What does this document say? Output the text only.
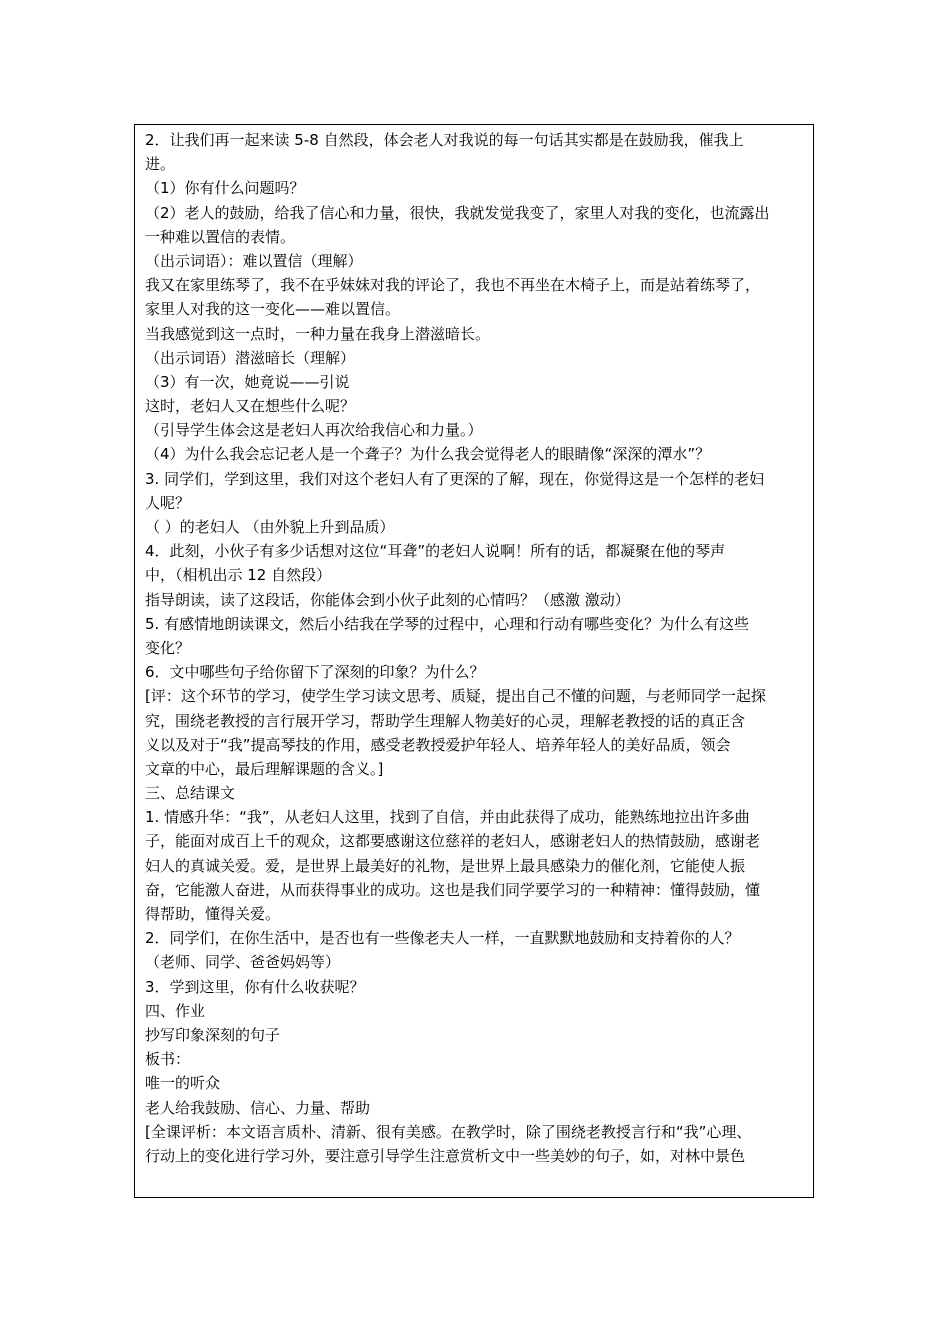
2．让我们再一起来读 5-8 自然段，体会老人对我说的每一句话其实都是在鼓励我，催我上
进。
（1）你有什么问题吗？
（2）老人的鼓励，给我了信心和力量，很快，我就发觉我变了，家里人对我的变化，也流露出
一种难以置信的表情。
（出示词语）：难以置信（理解）
我又在家里练琴了，我不在乎妹妹对我的评论了，我也不再坐在木椅子上，而是站着练琴了，
家里人对我的这一变化——难以置信。
当我感觉到这一点时，一种力量在我身上潜滋暗长。
（出示词语）潜滋暗长（理解）
（3）有一次，她竟说——引说
这时，老妇人又在想些什么呢？
（引导学生体会这是老妇人再次给我信心和力量。）
（4）为什么我会忘记老人是一个聋子？为什么我会觉得老人的眼睛像“深深的潭水”？
3. 同学们，学到这里，我们对这个老妇人有了更深的了解，现在，你觉得这是一个怎样的老妇
人呢？
（ ）的老妇人 （由外貌上升到品质）
4．此刻，小伙子有多少话想对这位“耳聋”的老妇人说啊！所有的话，都凝聚在他的琴声
中，（相机出示 12 自然段）
指导朗读，读了这段话，你能体会到小伙子此刻的心情吗？（感激 激动）
5. 有感情地朗读课文，然后小结我在学琴的过程中，心理和行动有哪些变化？为什么有这些
变化？
6．文中哪些句子给你留下了深刻的印象？为什么？
[评：这个环节的学习，使学生学习读文思考、质疑，提出自己不懂的问题，与老师同学一起探
究，围绕老教授的言行展开学习，帮助学生理解人物美好的心灵，理解老教授的话的真正含
义以及对于“我”提高琴技的作用，感受老教授爱护年轻人、培养年轻人的美好品质，领会
文章的中心，最后理解课题的含义。]
三、总结课文
1. 情感升华：“我”，从老妇人这里，找到了自信，并由此获得了成功，能熟练地拉出许多曲
子，能面对成百上千的观众，这都要感谢这位慈祥的老妇人，感谢老妇人的热情鼓励，感谢老
妇人的真诚关爱。爱，是世界上最美好的礼物，是世界上最具感染力的催化剂，它能使人振
奋，它能激人奋进，从而获得事业的成功。这也是我们同学要学习的一种精神：懂得鼓励，懂
得帮助，懂得关爱。
2．同学们，在你生活中，是否也有一些像老夫人一样，一直默默地鼓励和支持着你的人？
（老师、同学、爸爸妈妈等）
3．学到这里，你有什么收获呢？
四、作业
抄写印象深刻的句子
板书：
唯一的听众
老人给我鼓励、信心、力量、帮助
[全课评析：本文语言质朴、清新、很有美感。在教学时，除了围绕老教授言行和“我”心理、
行动上的变化进行学习外，要注意引导学生注意赏析文中一些美妙的句子，如，对林中景色
